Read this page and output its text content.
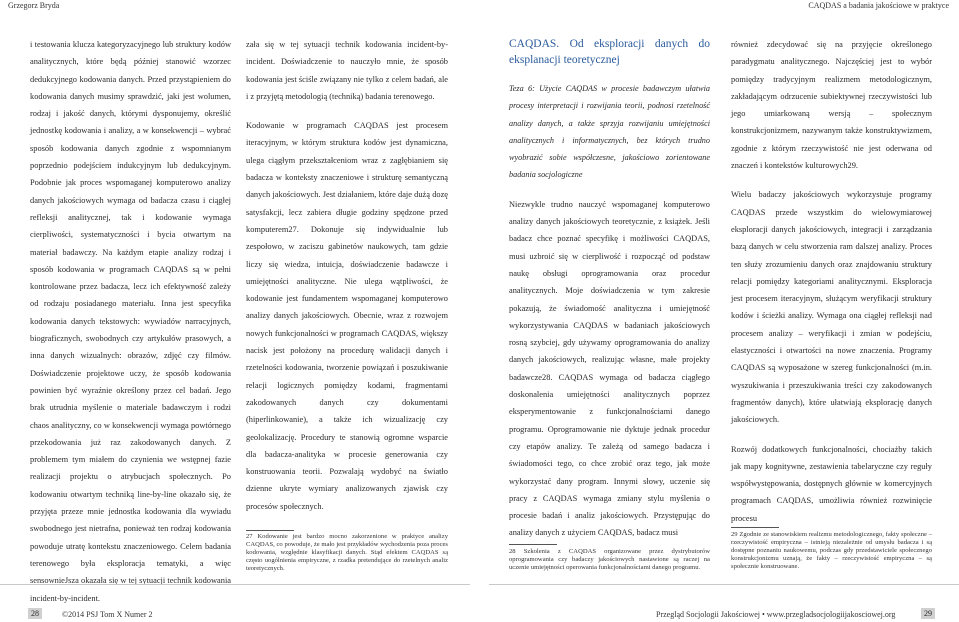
Grzegorz Bryda	CAQDAS a badania jakościowe w praktyce

i testowania klucza kategoryzacyjnego lub struktury kodów analitycznych, które będą później stanowić wzorzec dedukcyjnego kodowania danych. Przed przystąpieniem do kodowania danych musimy sprawdzić, jaki jest wolumen, rodzaj i jakość danych, którymi dysponujemy, określić jednostkę kodowania i analizy, a w konsekwencji – wybrać sposób kodowania danych zgodnie z wspomnianym poprzednio podejściem indukcyjnym lub dedukcyjnym. Podobnie jak proces wspomaganej komputerowo analizy danych jakościowych wymaga od badacza czasu i ciągłej refleksji analitycznej, tak i kodowanie wymaga cierpliwości, systematyczności i bycia otwartym na materiał badawczy. Na każdym etapie analizy rodzaj i sposób kodowania w programach CAQDAS są w pełni kontrolowane przez badacza, lecz ich efektywność zależy od rodzaju posiadanego materiału. Inna jest specyfika kodowania danych tekstowych: wywiadów narracyjnych, biograficznych, swobodnych czy artykułów prasowych, a inna danych wizualnych: obrazów, zdjęć czy filmów. Doświadczenie projektowe uczy, że sposób kodowania powinien być wyraźnie określony przez cel badań. Jego brak utrudnia myślenie o materiale badawczym i rodzi chaos analityczny, co w konsekwencji wymaga powtórnego przekodowania już raz zakodowanych danych. Z problemem tym miałem do czynienia we wstępnej fazie realizacji projektu o atrybucjach społecznych. Po kodowaniu otwartym techniką line-by-line okazało się, że przyjęta przeze mnie jednostka kodowania dla wywiadu swobodnego jest nietrafna, ponieważ ten rodzaj kodowania powoduje utratę kontekstu znaczeniowego. Celem badania terenowego była eksploracja tematyki, a więc sensownieJsza okazała się w tej sytuacji technik kodowania incident-by-incident.

zała się w tej sytuacji technik kodowania incident-by-incident. Doświadczenie to nauczyło mnie, że sposób kodowania jest ściśle związany nie tylko z celem badań, ale i z przyjętą metodologią (techniką) badania terenowego.

Kodowanie w programach CAQDAS jest procesem iteracyjnym, w którym struktura kodów jest dynamiczna, ulega ciągłym przekształceniom wraz z zagłębianiem się badacza w konteksty znaczeniowe i strukturę semantyczną danych jakościowych. Jest działaniem, które daje dużą dozę satysfakcji, lecz zabiera długie godziny spędzone przed komputerem27. Dokonuje się indywidualnie lub zespołowo, w zaciszu gabinetów naukowych, tam gdzie liczy się wiedza, intuicja, doświadczenie badawcze i umiejętności analityczne. Nie ulega wątpliwości, że kodowanie jest fundamentem wspomaganej komputerowo analizy danych jakościowych. Obecnie, wraz z rozwojem nowych funkcjonalności w programach CAQDAS, większy nacisk jest położony na procedurę walidacji danych i rzetelności kodowania, tworzenie powiązań i poszukiwanie relacji logicznych pomiędzy kodami, fragmentami zakodowanych danych czy dokumentami (hiperlinkowanie), a także ich wizualizację czy geolokalizację. Procedury te stanowią ogromne wsparcie dla badacza-analityka w procesie generowania czy konstruowania teorii. Pozwalają wydobyć na światło dzienne ukryte wymiary analizowanych zjawisk czy procesów społecznych.

27 Kodowanie jest bardzo mocno zakorzenione w praktyce analizy CAQDAS, co powoduje, że mało jest przykładów wychodzenia poza proces kodowania, względnie klasyfikacji danych. Stąd efektem CAQDAS są często uogólnienia empiryczne, z rzadka pretendujące do rzetelnych analiz teoretycznych.
CAQDAS. Od eksploracji danych do eksplanacji teoretycznej
Teza 6: Użycie CAQDAS w procesie badawczym ułatwia procesy interpretacji i rozwijania teorii, podnosi rzetelność analizy danych, a także sprzyja rozwijaniu umiejętności analitycznych i informatycznych, bez których trudno wyobrazić sobie współczesne, jakościowo zorientowane badania socjologiczne

Niezwykle trudno nauczyć wspomaganej komputerowo analizy danych jakościowych teoretycznie, z książek. Jeśli badacz chce poznać specyfikę i możliwości CAQDAS, musi uzbroić się w cierpliwość i rozpocząć od podstaw naukę obsługi oprogramowania oraz procedur analitycznych. Moje doświadczenia w tym zakresie pokazują, że świadomość analityczna i umiejętność wykorzystywania CAQDAS w badaniach jakościowych rosną szybciej, gdy używamy oprogramowania do analizy danych jakościowych, realizując własne, małe projekty badawcze28. CAQDAS wymaga od badacza ciągłego doskonalenia umiejętności analitycznych poprzez eksperymentowanie z funkcjonalnościami danego programu. Oprogramowanie nie dyktuje jednak procedur czy etapów analizy. Te zależą od samego badacza i świadomości tego, co chce zrobić oraz tego, jak może wykorzystać dany program. Innymi słowy, uczenie się pracy z CAQDAS wymaga zmiany stylu myślenia o procesie badań i analiz jakościowych. Przystępując do analizy danych z użyciem CAQDAS, badacz musi

28 Szkolenia z CAQDAS organizowane przez dystrybutorów oprogramowania czy badaczy jakościowych nastawione są raczej na uczenie umiejętności operowania funkcjonalnościami danego programu.

również zdecydować się na przyjęcie określonego paradygmatu analitycznego. Najczęściej jest to wybór pomiędzy tradycyjnym realizmem metodologicznym, zakładającym odrzucenie subiektywnej rzeczywistości lub jego umiarkowaną wersją – społecznym konstrukcjonizmem, nazywanym także konstruktywizmem, zgodnie z którym rzeczywistość nie jest oderwana od znaczeń i kontekstów kulturowych29.

Wielu badaczy jakościowych wykorzystuje programy CAQDAS przede wszystkim do wielowymiarowej eksploracji danych jakościowych, integracji i zarządzania bazą danych w celu stworzenia ram dalszej analizy. Proces ten służy zrozumieniu danych oraz znajdowaniu struktury relacji pomiędzy kategoriami analitycznymi. Eksploracja jest procesem iteracyjnym, służącym weryfikacji struktury kodów i ścieżki analizy. Wymaga ona ciągłej refleksji nad procesem analizy – weryfikacji i zmian w podejściu, elastyczności i otwartości na nowe znaczenia. Programy CAQDAS są wyposażone w szereg funkcjonalności (m.in. wyszukiwania i przeszukiwania treści czy zakodowanych fragmentów danych), które ułatwiają eksplorację danych jakościowych.

Rozwój dodatkowych funkcjonalności, chociażby takich jak mapy kognitywne, zestawienia tabelaryczne czy reguły współwystępowania, dostępnych głównie w komercyjnych programach CAQDAS, umożliwia również rozwinięcie procesu

29 Zgodnie ze stanowiskiem realizmu metodologicznego, fakty społeczne – rzeczywistość empiryczna – istnieją niezależnie od umysłu badacza i są dostępne poznaniu naukowemu, podczas gdy przedstawiciele społecznego konstrukcjonizmu uznają, że fakty – rzeczywistość empiryczna – są społecznie konstruowane.
28	©2014 PSJ Tom X Numer 2	Przegląd Socjologii Jakościowej • www.przegladsocjologiijakosciowej.org	29
